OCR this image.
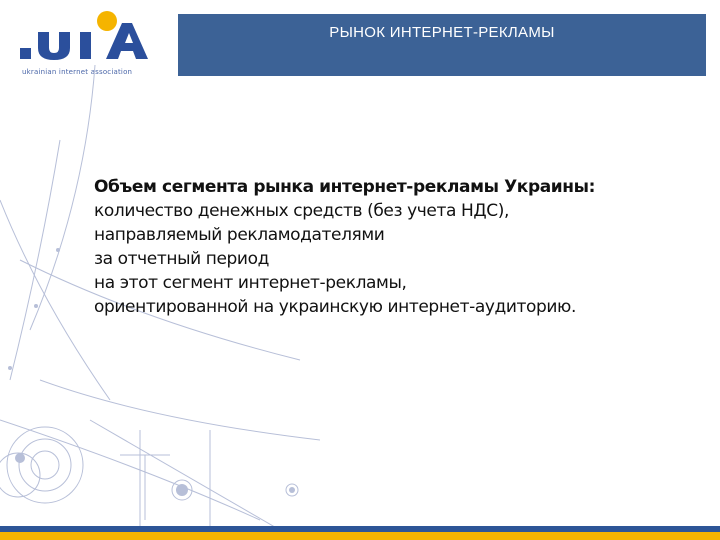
ukrainian internet association
РЫНОК ИНТЕРНЕТ-РЕКЛАМЫ
Объем сегмента рынка интернет-рекламы Украины:
количество денежных средств (без учета НДС),
направляемый рекламодателями
за отчетный период
на этот сегмент интернет-рекламы,
ориентированной на украинскую интернет-аудиторию.
